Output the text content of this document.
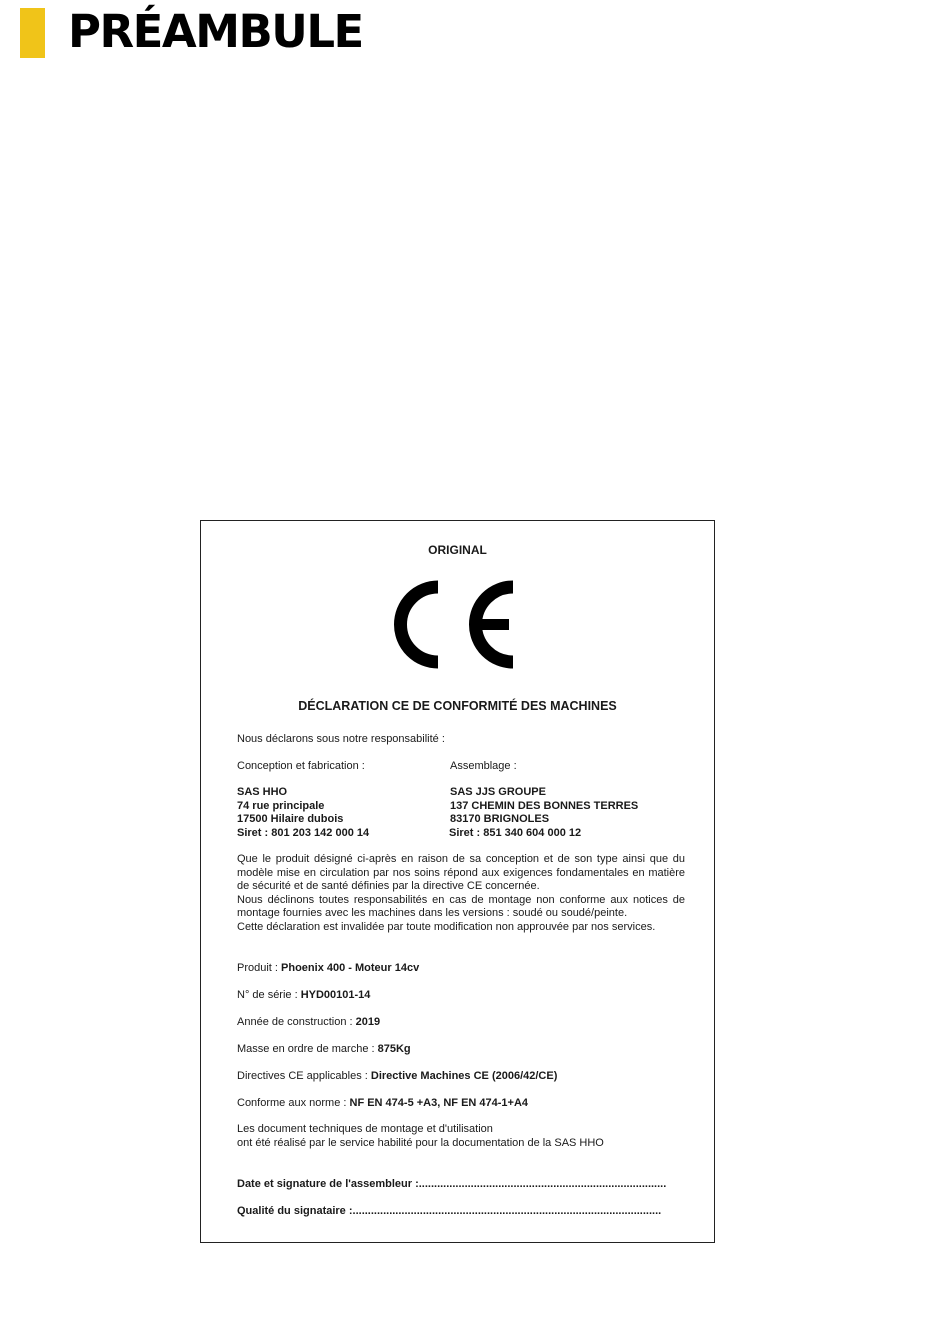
PRÉAMBULE
ORIGINAL
DÉCLARATION CE DE CONFORMITÉ DES MACHINES
Nous déclarons sous notre responsabilité :
Conception et fabrication :	Assemblage :
SAS HHO
74 rue principale
17500 Hilaire dubois
Siret : 801 203 142 000 14
SAS JJS GROUPE
137 CHEMIN DES BONNES TERRES
83170 BRIGNOLES
Siret : 851 340 604 000 12

Que le produit désigné ci-après en raison de sa conception et de son type ainsi que du modèle mise en circulation par nos soins répond aux exigences fondamentales en matière de sécurité et de santé définies par la directive CE concernée.

Nous déclinons toutes responsabilités en cas de montage non conforme aux notices de montage fournies avec les machines dans les versions : soudé ou soudé/peinte.

Cette déclaration est invalidée par toute modification non approuvée par nos services.

Produit : Phoenix 400 - Moteur 14cv
N° de série : HYD00101-14
Année de construction : 2019
Masse en ordre de marche : 875Kg
Directives CE applicables : Directive Machines CE (2006/42/CE)
Conforme aux norme : NF EN 474-5 +A3, NF EN 474-1+A4
Les document techniques de montage et d'utilisation
ont été réalisé par le service habilité pour la documentation de la SAS HHO
Date et signature de l'assembleur :.................................................................................
Qualité du signataire :.....................................................................................................
